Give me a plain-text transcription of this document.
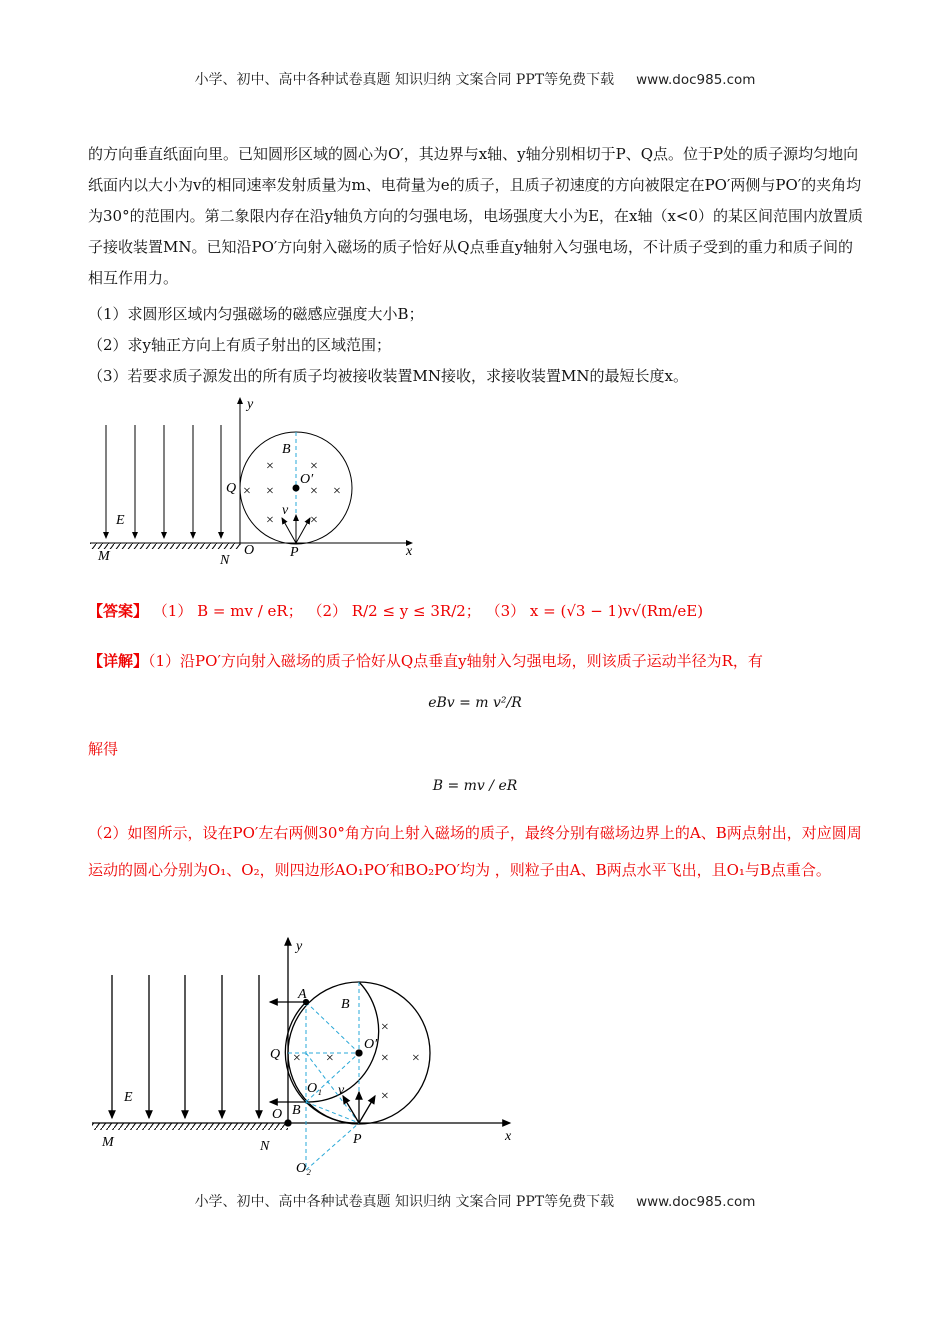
小学、初中、高中各种试卷真题 知识归纳 文案合同 PPT等免费下载 www.doc985.com
的方向垂直纸面向里。已知圆形区域的圆心为O′，其边界与x轴、y轴分别相切于P、Q点。位于P处的质子源均匀地向纸面内以大小为v的相同速率发射质量为m、电荷量为e的质子，且质子初速度的方向被限定在PO′两侧与PO′的夹角均为30°的范围内。第二象限内存在沿y轴负方向的匀强电场，电场强度大小为E，在x轴（x<0）的某区间范围内放置质子接收装置MN。已知沿PO′方向射入磁场的质子恰好从Q点垂直y轴射入匀强电场，不计质子受到的重力和质子间的相互作用力。
（1）求圆形区域内匀强磁场的磁感应强度大小B；
（2）求y轴正方向上有质子射出的区域范围；
（3）若要求质子源发出的所有质子均被接收装置MN接收，求接收装置MN的最短长度x。
×	×
× ×	× ×
×	×
y
x
B
O′
Q
v
E
M	N
O	P
×
× ×	× ×
×
y
x
A
B
B
Q
O′
O₁ v
E
M	N
O
P
O₂
【答案】 （1） B = mv / eR； （2） R/2 ≤ y ≤ 3R/2； （3） x = (√3 − 1)v√(Rm/eE)
【详解】（1）沿PO′方向射入磁场的质子恰好从Q点垂直y轴射入匀强电场，则该质子运动半径为R，有
eBv = m v²/R
解得
B = mv / eR
（2）如图所示，设在PO′左右两侧30°角方向上射入磁场的质子，最终分别有磁场边界上的A、B两点射出，对应圆周运动的圆心分别为O₁、O₂，则四边形AO₁PO′和BO₂PO′均为 ，则粒子由A、B两点水平飞出，且O₁与B点重合。
小学、初中、高中各种试卷真题 知识归纳 文案合同 PPT等免费下载 www.doc985.com
